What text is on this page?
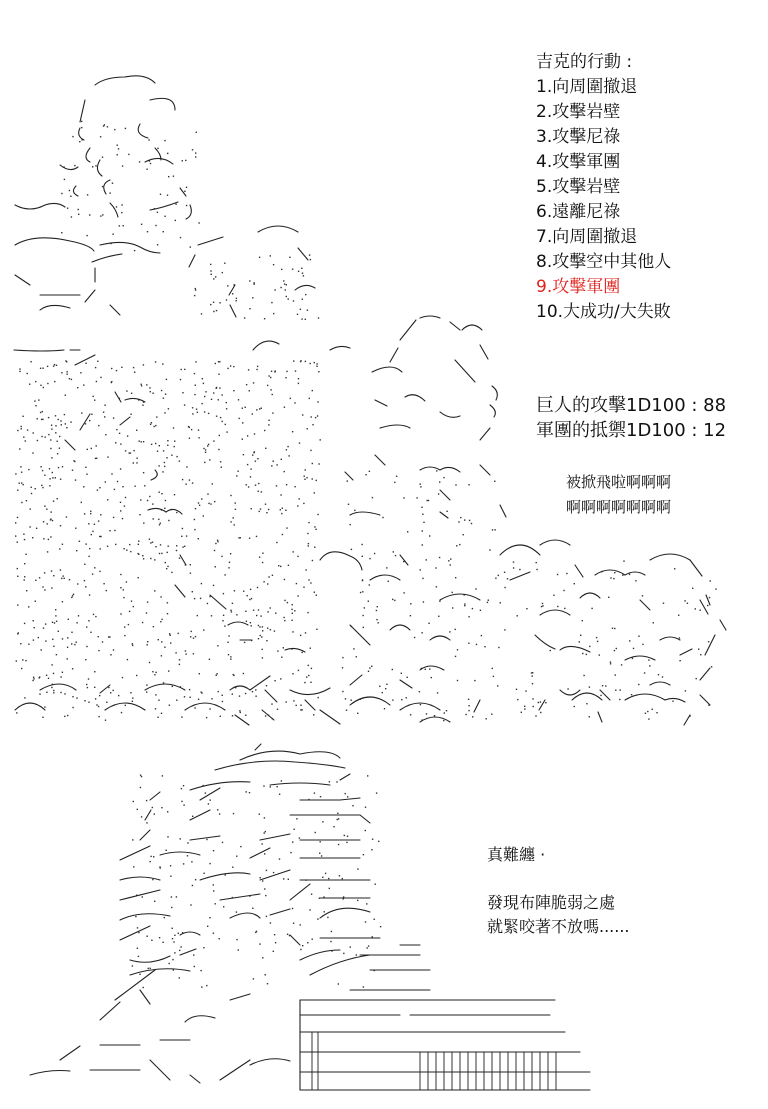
吉克的行動 :
1.向周圍撤退
2.攻擊岩壁
3.攻擊尼祿
4.攻擊軍團
5.攻擊岩壁
6.遠離尼祿
7.向周圍撤退
8.攻擊空中其他人
9.攻擊軍團
10.大成功/大失敗
巨人的攻擊1D100 : 88
軍團的抵禦1D100 : 12
被掀飛啦啊啊啊
啊啊啊啊啊啊啊
真難纏 ·
發現布陣脆弱之處
就緊咬著不放嗎......
